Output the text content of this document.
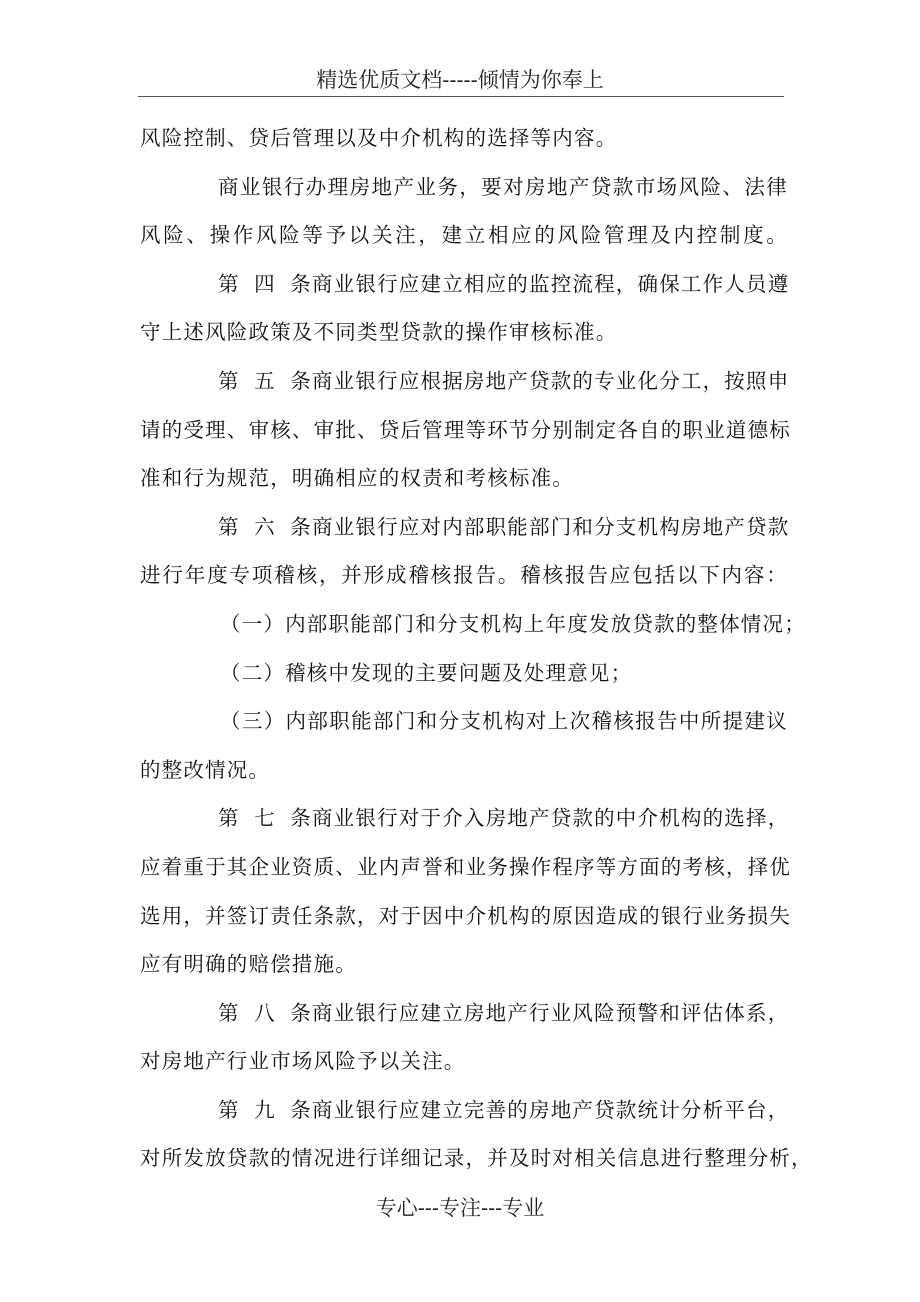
精选优质文档-----倾情为你奉上
风险控制、贷后管理以及中介机构的选择等内容。
商业银行办理房地产业务，要对房地产贷款市场风险、法律
风险、操作风险等予以关注，建立相应的风险管理及内控制度。
第四条商业银行应建立相应的监控流程，确保工作人员遵
守上述风险政策及不同类型贷款的操作审核标准。
第五条商业银行应根据房地产贷款的专业化分工，按照申
请的受理、审核、审批、贷后管理等环节分别制定各自的职业道德标
准和行为规范，明确相应的权责和考核标准。
第六条商业银行应对内部职能部门和分支机构房地产贷款
进行年度专项稽核，并形成稽核报告。稽核报告应包括以下内容：
（一）内部职能部门和分支机构上年度发放贷款的整体情况；
（二）稽核中发现的主要问题及处理意见；
（三）内部职能部门和分支机构对上次稽核报告中所提建议
的整改情况。
第七条商业银行对于介入房地产贷款的中介机构的选择，
应着重于其企业资质、业内声誉和业务操作程序等方面的考核，择优
选用，并签订责任条款，对于因中介机构的原因造成的银行业务损失
应有明确的赔偿措施。
第八条商业银行应建立房地产行业风险预警和评估体系，
对房地产行业市场风险予以关注。
第九条商业银行应建立完善的房地产贷款统计分析平台，
对所发放贷款的情况进行详细记录，并及时对相关信息进行整理分析，
专心---专注---专业
